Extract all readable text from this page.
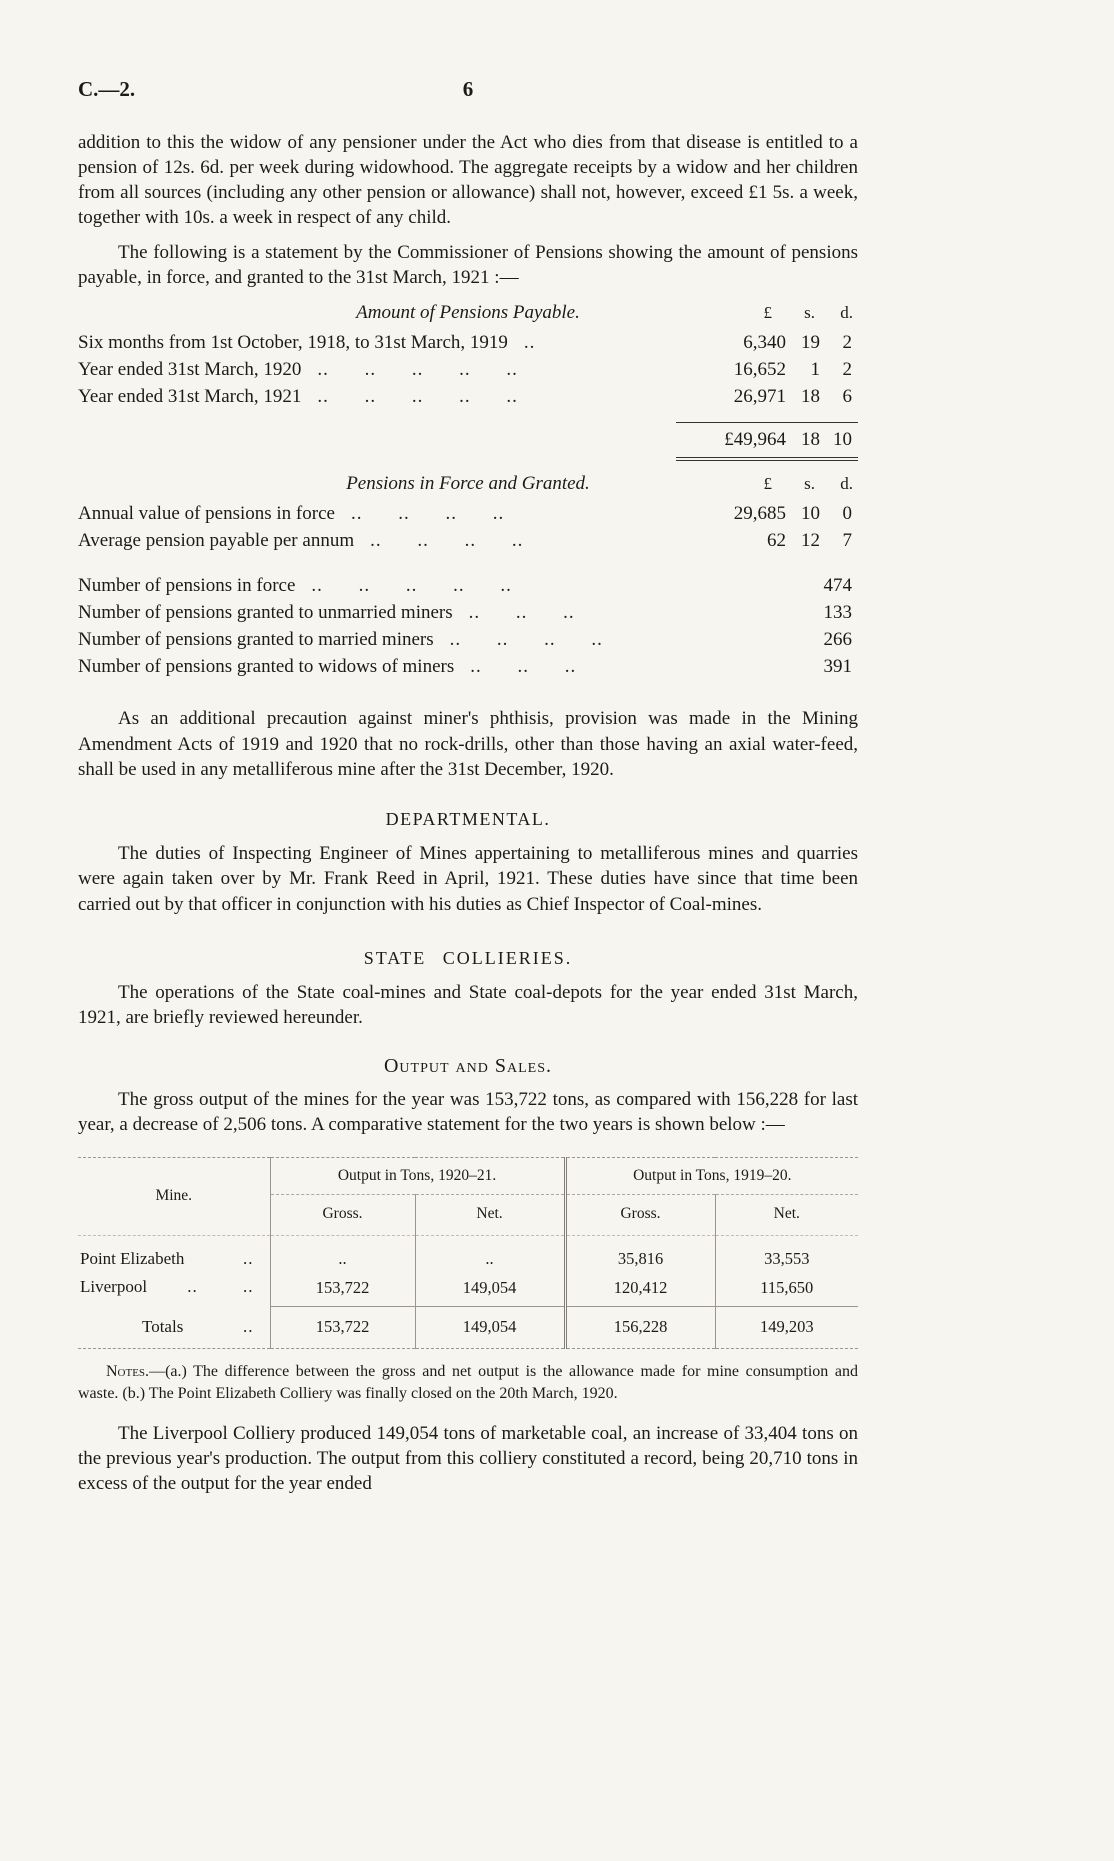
C.—2.	6

addition to this the widow of any pensioner under the Act who dies from that disease is entitled to a pension of 12s. 6d. per week during widowhood. The aggregate receipts by a widow and her children from all sources (including any other pension or allowance) shall not, however, exceed £1 5s. a week, together with 10s. a week in respect of any child.

The following is a statement by the Commissioner of Pensions showing the amount of pensions payable, in force, and granted to the 31st March, 1921 :—

Amount of Pensions Payable.	£	s.	d.
Six months from 1st October, 1918, to 31st March, 1919 ..	6,340 19	2
Year ended 31st March, 1920 .. .. .. .. ..	16,652	1	2
Year ended 31st March, 1921 .. .. .. .. ..	26,971 18	6
£49,964 18 10
Pensions in Force and Granted.	£	s.	d.
Annual value of pensions in force .. .. .. ..	29,685 10	0
Average pension payable per annum .. .. .. ..	62 12	7
Number of pensions in force .. .. .. .. ..	474
Number of pensions granted to unmarried miners .. .. ..	133
Number of pensions granted to married miners .. .. .. ..	266
Number of pensions granted to widows of miners .. .. ..	391

As an additional precaution against miner's phthisis, provision was made in the Mining Amendment Acts of 1919 and 1920 that no rock-drills, other than those having an axial water-feed, shall be used in any metalliferous mine after the 31st December, 1920.

DEPARTMENTAL.

The duties of Inspecting Engineer of Mines appertaining to metalliferous mines and quarries were again taken over by Mr. Frank Reed in April, 1921. These duties have since that time been carried out by that officer in conjunction with his duties as Chief Inspector of Coal-mines.

STATE COLLIERIES.

The operations of the State coal-mines and State coal-depots for the year ended 31st March, 1921, are briefly reviewed hereunder.

Output and Sales.

The gross output of the mines for the year was 153,722 tons, as compared with 156,228 for last year, a decrease of 2,506 tons. A comparative statement for the two years is shown below :—

Mine.	Output in Tons, 1920–21.		Output in Tons, 1919–20.	
	Gross.	Net.	Gross.	Net.

Point Elizabeth ..	..	..	35,816	33,553

Liverpool .. ..	153,722	149,054	120,412	115,650

Totals ..	153,722	149,054	156,228	149,203

Notes.—(a.) The difference between the gross and net output is the allowance made for mine consumption and waste. (b.) The Point Elizabeth Colliery was finally closed on the 20th March, 1920.

The Liverpool Colliery produced 149,054 tons of marketable coal, an increase of 33,404 tons on the previous year's production. The output from this colliery constituted a record, being 20,710 tons in excess of the output for the year ended
